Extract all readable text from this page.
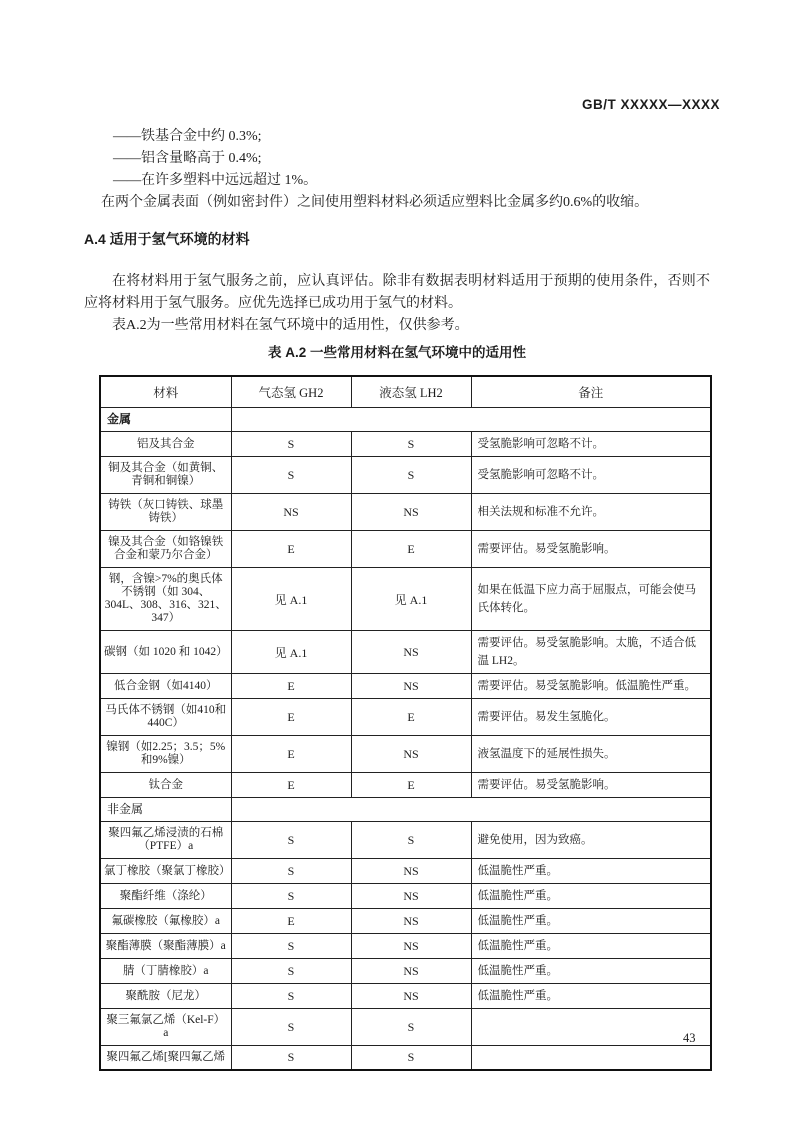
GB/T XXXXX—XXXX

——铁基合金中约 0.3%;

——铝含量略高于 0.4%;

——在许多塑料中远远超过 1%。

在两个金属表面（例如密封件）之间使用塑料材料必须适应塑料比金属多约0.6%的收缩。

A.4 适用于氢气环境的材料

在将材料用于氢气服务之前，应认真评估。除非有数据表明材料适用于预期的使用条件，否则不应将材料用于氢气服务。应优先选择已成功用于氢气的材料。

表A.2为一些常用材料在氢气环境中的适用性，仅供参考。

表 A.2 一些常用材料在氢气环境中的适用性
材料	气态氢 GH2	液态氢 LH2	备注
金属			
铝及其合金	S	S	受氢脆影响可忽略不计。
铜及其合金（如黄铜、青铜和铜镍）	S	S	受氢脆影响可忽略不计。
铸铁（灰口铸铁、球墨铸铁）	NS	NS	相关法规和标准不允许。
镍及其合金（如铬镍铁合金和蒙乃尔合金）	E	E	需要评估。易受氢脆影响。
钢，含镍>7%的奥氏体不锈钢（如 304、304L、308、316、321、347）	见 A.1	见 A.1	如果在低温下应力高于屈服点，可能会使马氏体转化。
碳钢（如 1020 和 1042）	见 A.1	NS	需要评估。易受氢脆影响。太脆，不适合低温 LH2。
低合金钢（如4140）	E	NS	需要评估。易受氢脆影响。低温脆性严重。
马氏体不锈钢（如410和440C）	E	E	需要评估。易发生氢脆化。
镍钢（如2.25；3.5；5%和9%镍）	E	NS	液氢温度下的延展性损失。
钛合金	E	E	需要评估。易受氢脆影响。
非金属			
聚四氟乙烯浸渍的石棉（PTFE）a	S	S	避免使用，因为致癌。
氯丁橡胶（聚氯丁橡胶）	S	NS	低温脆性严重。
聚酯纤维（涤纶）	S	NS	低温脆性严重。
氟碳橡胶（氟橡胶）a	E	NS	低温脆性严重。
聚酯薄膜（聚酯薄膜）a	S	NS	低温脆性严重。
腈（丁腈橡胶）a	S	NS	低温脆性严重。
聚酰胺（尼龙）	S	NS	低温脆性严重。
聚三氟氯乙烯（Kel-F）a	S	S	
聚四氟乙烯[聚四氟乙烯	S	S	
43
